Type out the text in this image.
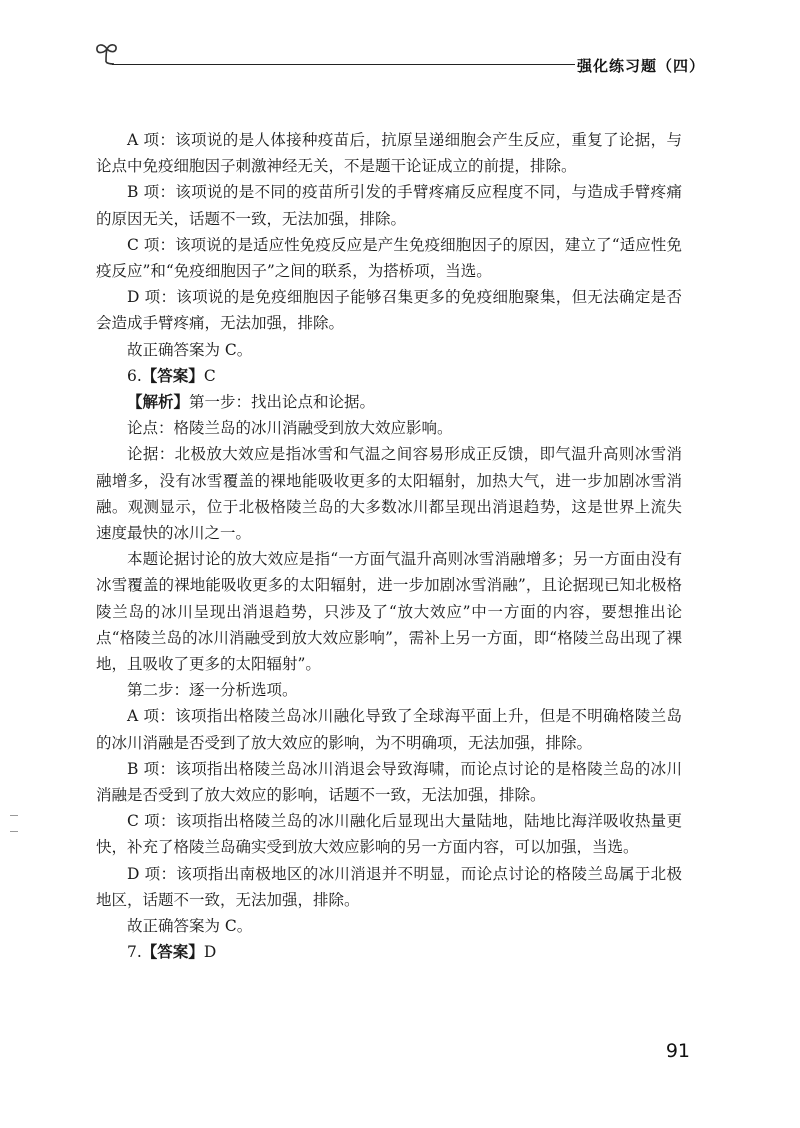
强化练习题（四）

A 项：该项说的是人体接种疫苗后，抗原呈递细胞会产生反应，重复了论据，与论点中免疫细胞因子刺激神经无关，不是题干论证成立的前提，排除。

B 项：该项说的是不同的疫苗所引发的手臂疼痛反应程度不同，与造成手臂疼痛的原因无关，话题不一致，无法加强，排除。

C 项：该项说的是适应性免疫反应是产生免疫细胞因子的原因，建立了“适应性免疫反应”和“免疫细胞因子”之间的联系，为搭桥项，当选。

D 项：该项说的是免疫细胞因子能够召集更多的免疫细胞聚集，但无法确定是否会造成手臂疼痛，无法加强，排除。

故正确答案为 C。

6.【答案】C

【解析】第一步：找出论点和论据。

论点：格陵兰岛的冰川消融受到放大效应影响。

论据：北极放大效应是指冰雪和气温之间容易形成正反馈，即气温升高则冰雪消融增多，没有冰雪覆盖的裸地能吸收更多的太阳辐射，加热大气，进一步加剧冰雪消融。观测显示，位于北极格陵兰岛的大多数冰川都呈现出消退趋势，这是世界上流失速度最快的冰川之一。

本题论据讨论的放大效应是指“一方面气温升高则冰雪消融增多；另一方面由没有冰雪覆盖的裸地能吸收更多的太阳辐射，进一步加剧冰雪消融”，且论据现已知北极格陵兰岛的冰川呈现出消退趋势，只涉及了“放大效应”中一方面的内容，要想推出论点“格陵兰岛的冰川消融受到放大效应影响”，需补上另一方面，即“格陵兰岛出现了裸地，且吸收了更多的太阳辐射”。

第二步：逐一分析选项。

A 项：该项指出格陵兰岛冰川融化导致了全球海平面上升，但是不明确格陵兰岛的冰川消融是否受到了放大效应的影响，为不明确项，无法加强，排除。

B 项：该项指出格陵兰岛冰川消退会导致海啸，而论点讨论的是格陵兰岛的冰川消融是否受到了放大效应的影响，话题不一致，无法加强，排除。

C 项：该项指出格陵兰岛的冰川融化后显现出大量陆地，陆地比海洋吸收热量更快，补充了格陵兰岛确实受到放大效应影响的另一方面内容，可以加强，当选。

D 项：该项指出南极地区的冰川消退并不明显，而论点讨论的格陵兰岛属于北极地区，话题不一致，无法加强，排除。

故正确答案为 C。

7.【答案】D

91
